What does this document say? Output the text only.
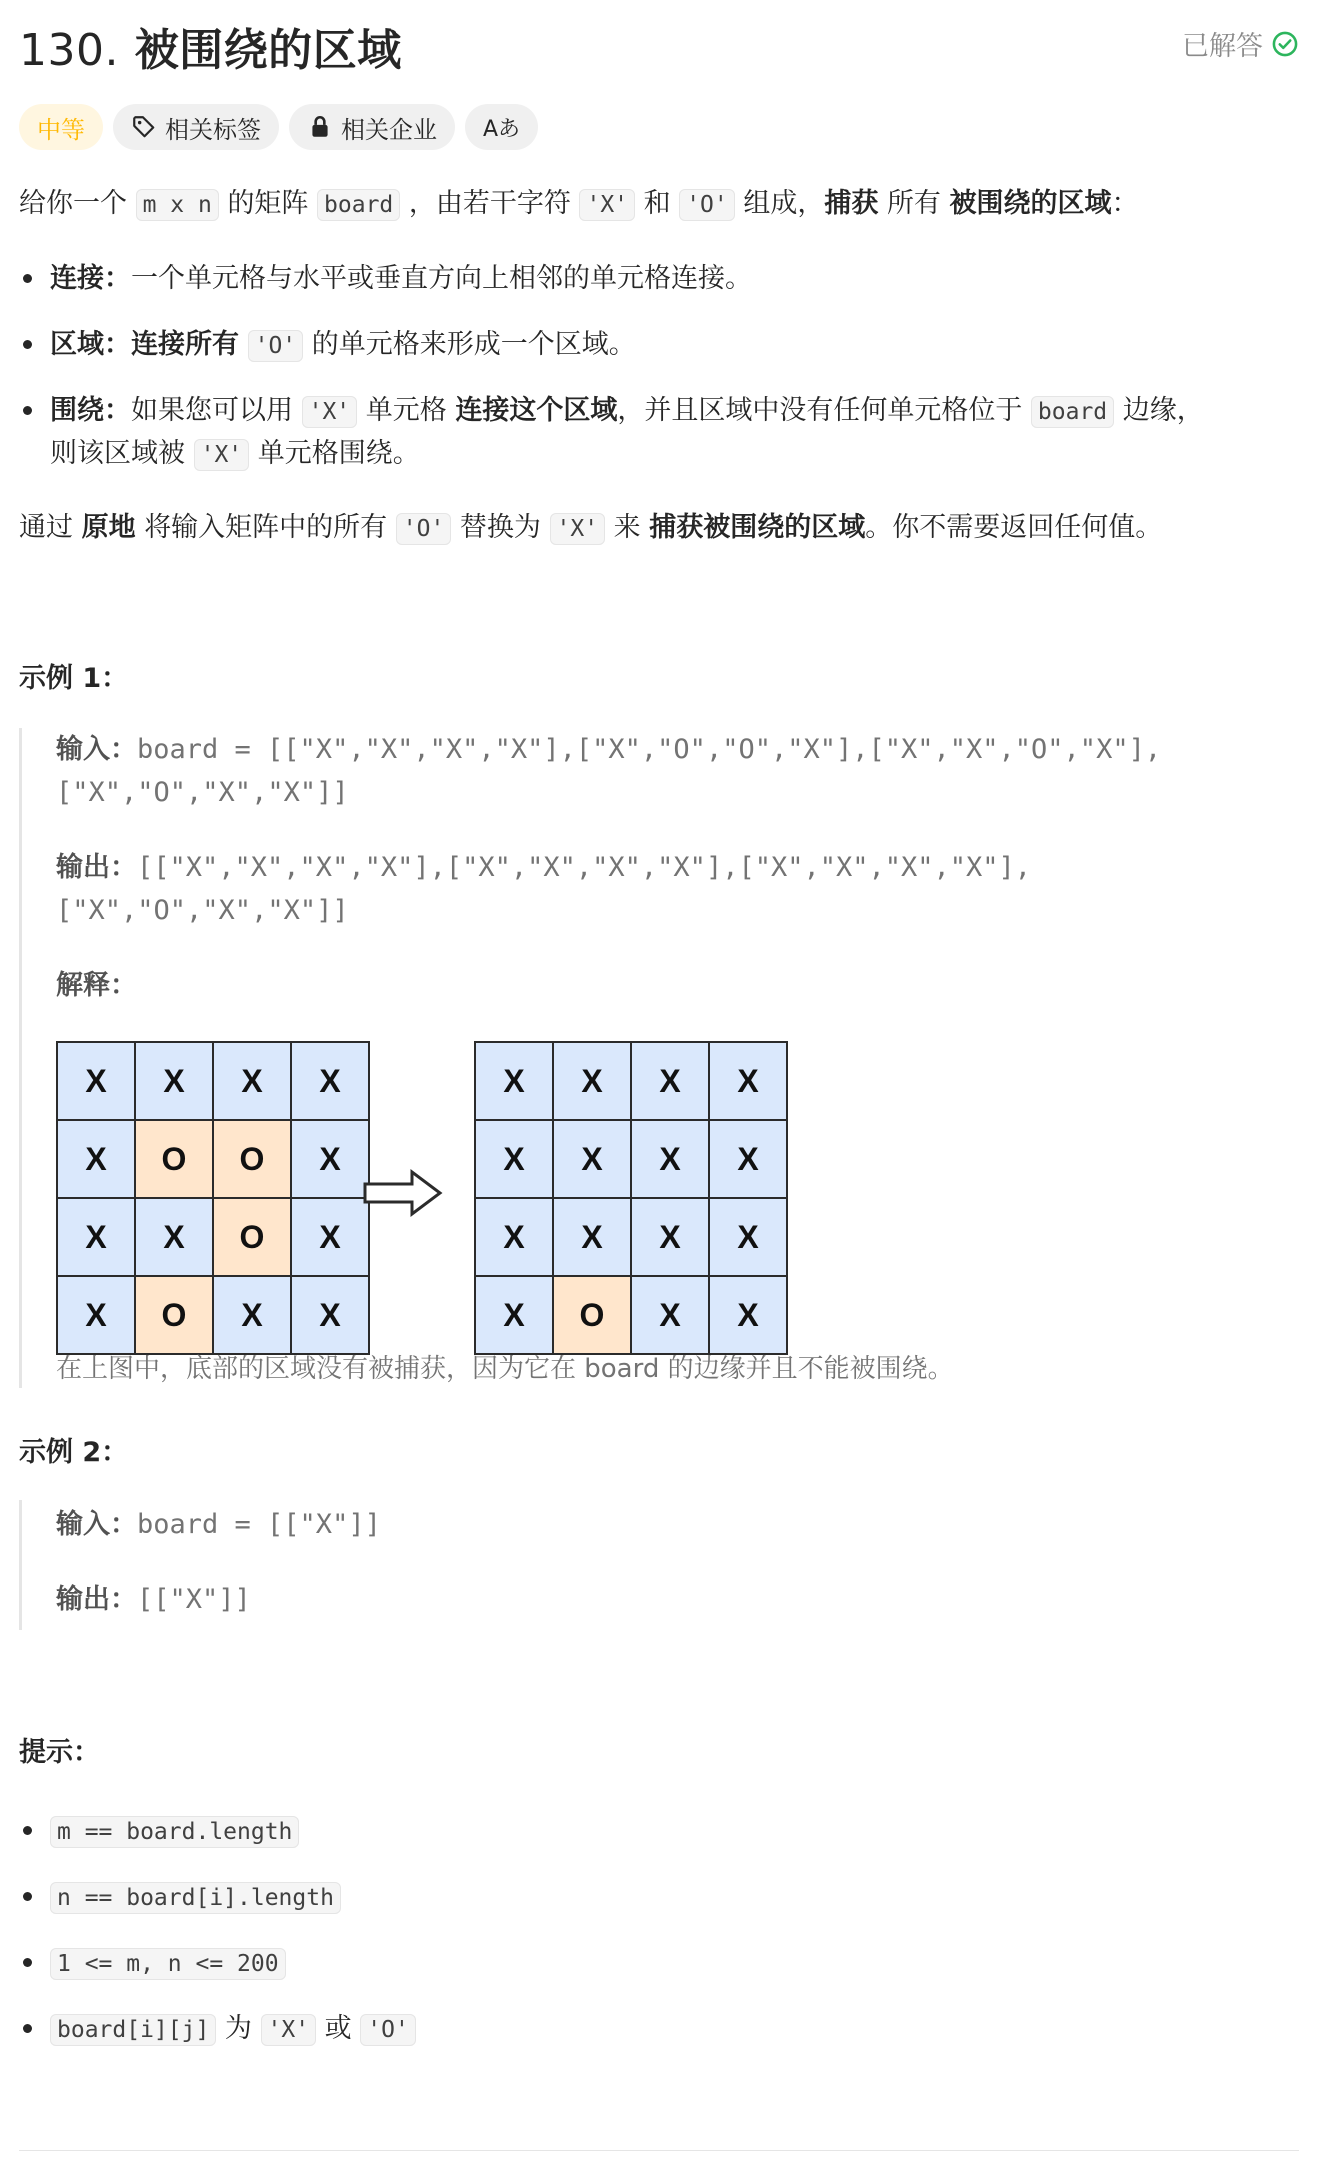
130. 被围绕的区域	已解答
中等	相关标签	相关企业 Aあ
给你一个 m x n 的矩阵 board ，由若干字符 'X' 和 'O' 组成，捕获 所有 被围绕的区域：
连接：一个单元格与水平或垂直方向上相邻的单元格连接。
区域：连接所有 'O' 的单元格来形成一个区域。
围绕：如果您可以用 'X' 单元格 连接这个区域，并且区域中没有任何单元格位于 board 边缘，
则该区域被 'X' 单元格围绕。
通过 原地 将输入矩阵中的所有 'O' 替换为 'X' 来 捕获被围绕的区域。你不需要返回任何值。
示例 1：
输入：board = [["X","X","X","X"],["X","O","O","X"],["X","X","O","X"],
["X","O","X","X"]]
输出：[["X","X","X","X"],["X","X","X","X"],["X","X","X","X"],
["X","O","X","X"]]
解释：
X	X	X	X
X	O	O	X
X	X	O	X
X	O	X	X
X	X	X	X
X	X	X	X
X	X	X	X
X	O	X	X
在上图中，底部的区域没有被捕获，因为它在 board 的边缘并且不能被围绕。
示例 2：
输入：board = [["X"]]
输出：[["X"]]
提示：
m == board.length
n == board[i].length
1 <= m, n <= 200
board[i][j] 为 'X' 或 'O'
